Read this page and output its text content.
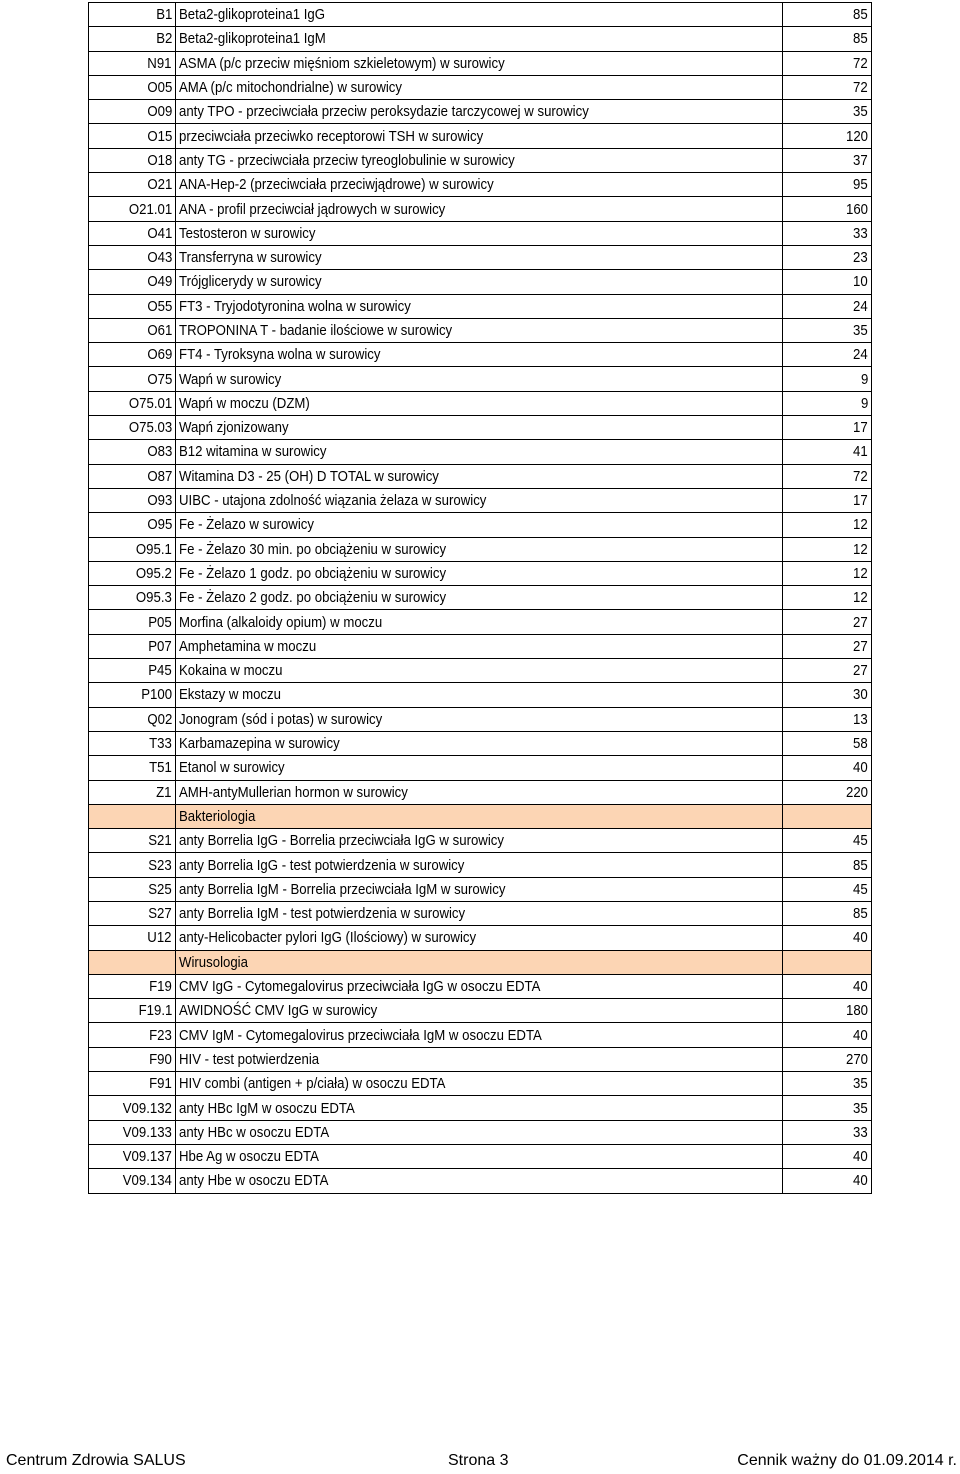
B1	Beta2-glikoproteina1 IgG	85
B2	Beta2-glikoproteina1 IgM	85
N91	ASMA (p/c przeciw mięśniom szkieletowym) w surowicy	72
O05	AMA (p/c mitochondrialne) w surowicy	72
O09	anty TPO - przeciwciała przeciw peroksydazie tarczycowej w surowicy	35
O15	przeciwciała przeciwko receptorowi TSH w surowicy	120
O18	anty TG - przeciwciała przeciw tyreoglobulinie w surowicy	37
O21	ANA-Hep-2 (przeciwciała przeciwjądrowe) w surowicy	95
O21.01	ANA - profil przeciwciał jądrowych w surowicy	160
O41	Testosteron w surowicy	33
O43	Transferryna w surowicy	23
O49	Trójglicerydy w surowicy	10
O55	FT3 - Tryjodotyronina wolna w surowicy	24
O61	TROPONINA T - badanie ilościowe w surowicy	35
O69	FT4 - Tyroksyna wolna w surowicy	24
O75	Wapń w surowicy	9
O75.01	Wapń w moczu (DZM)	9
O75.03	Wapń zjonizowany	17
O83	B12 witamina w surowicy	41
O87	Witamina D3 - 25 (OH) D TOTAL w surowicy	72
O93	UIBC - utajona zdolność wiązania żelaza w surowicy	17
O95	Fe - Żelazo w surowicy	12
O95.1	Fe - Żelazo 30 min. po obciążeniu w surowicy	12
O95.2	Fe - Żelazo 1 godz. po obciążeniu w surowicy	12
O95.3	Fe - Żelazo 2 godz. po obciążeniu w surowicy	12
P05	Morfina (alkaloidy opium) w moczu	27
P07	Amphetamina w moczu	27
P45	Kokaina w moczu	27
P100	Ekstazy w moczu	30
Q02	Jonogram (sód i potas) w surowicy	13
T33	Karbamazepina w surowicy	58
T51	Etanol w surowicy	40
Z1	AMH-antyMullerian hormon w surowicy	220
	Bakteriologia	
S21	anty Borrelia IgG - Borrelia przeciwciała IgG w surowicy	45
S23	anty Borrelia IgG - test potwierdzenia w surowicy	85
S25	anty Borrelia IgM - Borrelia przeciwciała IgM w surowicy	45
S27	anty Borrelia IgM - test potwierdzenia w surowicy	85
U12	anty-Helicobacter pylori IgG (Ilościowy) w surowicy	40
	Wirusologia	
F19	CMV IgG - Cytomegalovirus przeciwciała IgG w osoczu EDTA	40
F19.1	AWIDNOŚĆ CMV IgG w surowicy	180
F23	CMV IgM - Cytomegalovirus przeciwciała IgM w osoczu EDTA	40
F90	HIV - test potwierdzenia	270
F91	HIV combi (antigen + p/ciała) w osoczu EDTA	35
V09.132	anty HBc IgM w osoczu EDTA	35
V09.133	anty HBc w osoczu EDTA	33
V09.137	Hbe Ag w osoczu EDTA	40
V09.134	anty Hbe w osoczu EDTA	40
Centrum Zdrowia SALUS	Strona 3	Cennik ważny do 01.09.2014 r.
